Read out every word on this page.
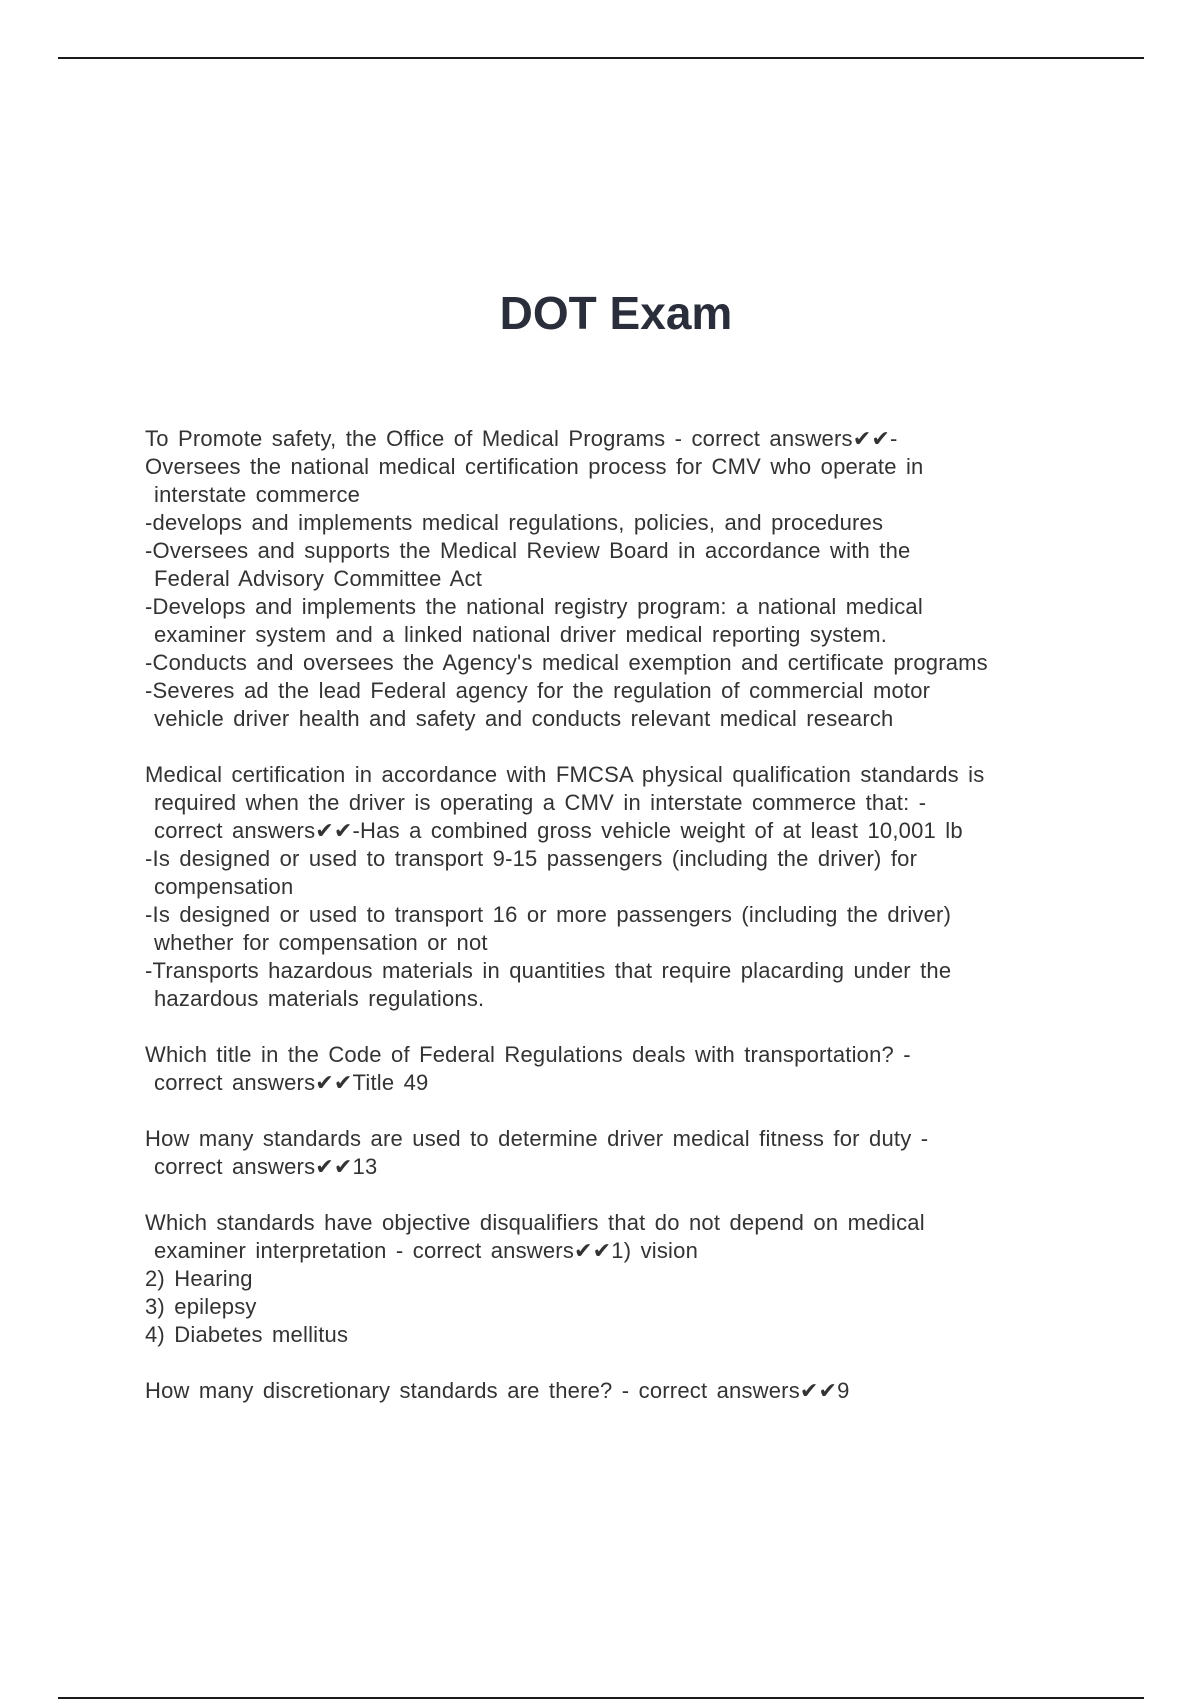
DOT Exam
To Promote safety, the Office of Medical Programs - correct answers✔✔-
Oversees the national medical certification process for CMV who operate in
interstate commerce
-develops and implements medical regulations, policies, and procedures
-Oversees and supports the Medical Review Board in accordance with the
Federal Advisory Committee Act
-Develops and implements the national registry program: a national medical
examiner system and a linked national driver medical reporting system.
-Conducts and oversees the Agency's medical exemption and certificate programs
-Severes ad the lead Federal agency for the regulation of commercial motor
vehicle driver health and safety and conducts relevant medical research
Medical certification in accordance with FMCSA physical qualification standards is
required when the driver is operating a CMV in interstate commerce that: -
correct answers✔✔-Has a combined gross vehicle weight of at least 10,001 lb
-Is designed or used to transport 9-15 passengers (including the driver) for
compensation
-Is designed or used to transport 16 or more passengers (including the driver)
whether for compensation or not
-Transports hazardous materials in quantities that require placarding under the
hazardous materials regulations.
Which title in the Code of Federal Regulations deals with transportation? -
correct answers✔✔Title 49
How many standards are used to determine driver medical fitness for duty -
correct answers✔✔13
Which standards have objective disqualifiers that do not depend on medical
examiner interpretation - correct answers✔✔1) vision
2) Hearing
3) epilepsy
4) Diabetes mellitus
How many discretionary standards are there? - correct answers✔✔9
